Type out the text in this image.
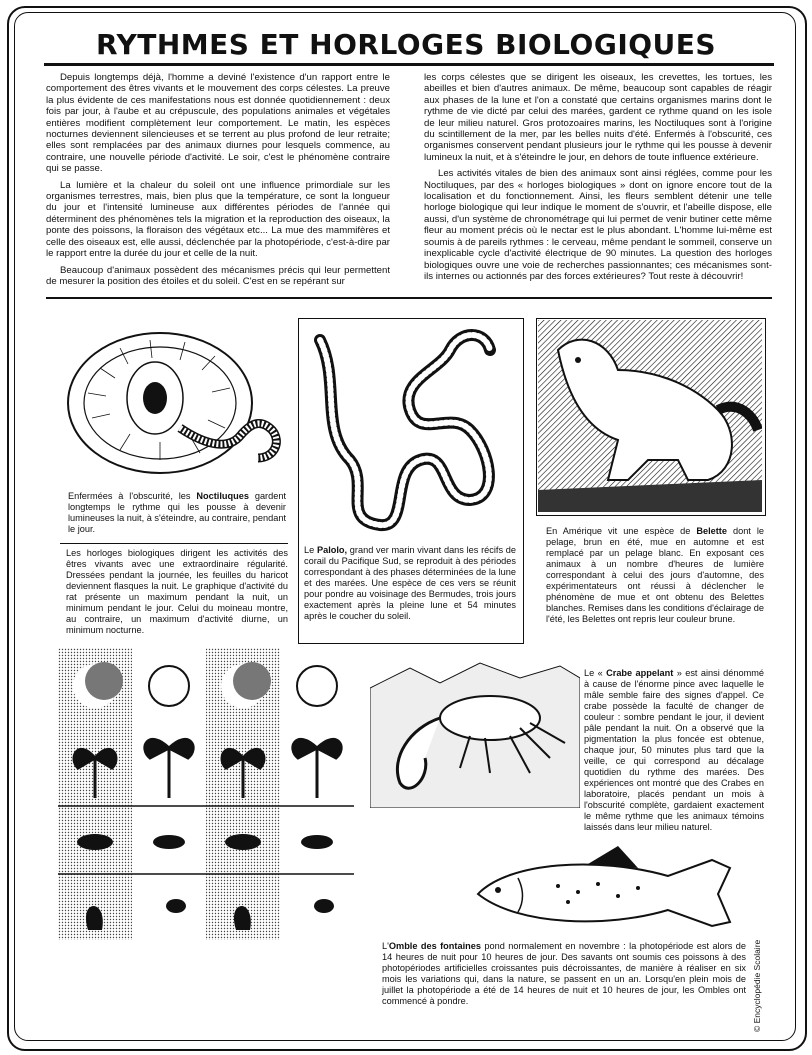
RYTHMES ET HORLOGES BIOLOGIQUES

Depuis longtemps déjà, l'homme a deviné l'existence d'un rapport entre le comportement des êtres vivants et le mouvement des corps célestes. La preuve la plus évidente de ces manifestations nous est donnée quotidiennement : deux fois par jour, à l'aube et au crépuscule, des populations animales et végétales entières modifient complètement leur comportement. Le matin, les espèces nocturnes deviennent silencieuses et se terrent au plus profond de leur retraite; elles sont remplacées par des animaux diurnes pour lesquels commence, au contraire, une nouvelle période d'activité. Le soir, c'est le phénomène contraire qui se passe.

La lumière et la chaleur du soleil ont une influence primordiale sur les organismes terrestres, mais, bien plus que la température, ce sont la longueur du jour et l'intensité lumineuse aux différentes périodes de l'année qui déterminent des phénomènes tels la migration et la reproduction des oiseaux, la ponte des poissons, la floraison des végétaux etc... La mue des mammifères et celle des oiseaux est, elle aussi, déclenchée par la photopériode, c'est-à-dire par le rapport entre la durée du jour et celle de la nuit.

Beaucoup d'animaux possèdent des mécanismes précis qui leur permettent de mesurer la position des étoiles et du soleil. C'est en se repérant sur

les corps célestes que se dirigent les oiseaux, les crevettes, les tortues, les abeilles et bien d'autres animaux. De même, beaucoup sont capables de réagir aux phases de la lune et l'on a constaté que certains organismes marins dont le rythme de vie dicté par celui des marées, gardent ce rythme quand on les isole de leur milieu naturel. Gros protozoaires marins, les Noctiluques sont à l'origine du scintillement de la mer, par les belles nuits d'été. Enfermés à l'obscurité, ces organismes conservent pendant plusieurs jour le rythme qui les pousse à devenir lumineux la nuit, et à s'éteindre le jour, en dehors de toute influence extérieure.

Les activités vitales de bien des animaux sont ainsi réglées, comme pour les Noctiluques, par des « horloges biologiques » dont on ignore encore tout de la localisation et du fonctionnement. Ainsi, les fleurs semblent détenir une telle horloge biologique qui leur indique le moment de s'ouvrir, et l'abeille dispose, elle aussi, d'un système de chronométrage qui lui permet de venir butiner cette même fleur au moment précis où le nectar est le plus abondant. L'homme lui-même est soumis à de pareils rythmes : le cerveau, même pendant le sommeil, conserve un inexplicable cycle d'activité électrique de 90 minutes. La question des horloges biologiques ouvre une voie de recherches passionnantes; ces mécanismes sont-ils internes ou actionnés par des forces extérieures? Tout reste à découvrir!

Enfermées à l'obscurité, les Noctiluques gardent longtemps le rythme qui les pousse à devenir lumineuses la nuit, à s'éteindre, au contraire, pendant le jour.
Les horloges biologiques dirigent les activités des êtres vivants avec une extraordinaire régularité. Dressées pendant la journée, les feuilles du haricot deviennent flasques la nuit. Le graphique d'activité du rat présente un maximum pendant la nuit, un minimum pendant le jour. Celui du moineau montre, au contraire, un maximum d'activité diurne, un minimum nocturne.
Le Palolo, grand ver marin vivant dans les récifs de corail du Pacifique Sud, se reproduit à des périodes correspondant à des phases déterminées de la lune et des marées. Une espèce de ces vers se réunit pour pondre au voisinage des Bermudes, trois jours exactement après la pleine lune et 54 minutes après le coucher du soleil.
En Amérique vit une espèce de Belette dont le pelage, brun en été, mue en automne et est remplacé par un pelage blanc. En exposant ces animaux à un nombre d'heures de lumière correspondant à celui des jours d'automne, des expérimentateurs ont réussi à déclencher le phénomène de mue et ont obtenu des Belettes blanches. Remises dans les conditions d'éclairage de l'été, les Belettes ont repris leur couleur brune.
Le « Crabe appelant » est ainsi dénommé à cause de l'énorme pince avec laquelle le mâle semble faire des signes d'appel. Ce crabe possède la faculté de changer de couleur : sombre pendant le jour, il devient pâle pendant la nuit. On a observé que la pigmentation la plus foncée est obtenue, chaque jour, 50 minutes plus tard que la veille, ce qui correspond au décalage quotidien du rythme des marées. Des expériences ont montré que des Crabes en laboratoire, placés pendant un mois à l'obscurité complète, gardaient exactement le même rythme que les animaux témoins laissés dans leur milieu naturel.
L'Omble des fontaines pond normalement en novembre : la photopériode est alors de 14 heures de nuit pour 10 heures de jour. Des savants ont soumis ces poissons à des photopériodes artificielles croissantes puis décroissantes, de manière à réaliser en six mois les variations qui, dans la nature, se passent en un an. Lorsqu'en plein mois de juillet la photopériode a été de 14 heures de nuit et 10 heures de jour, les Ombles ont commencé à pondre.	© Encyclopédie Scolaire
